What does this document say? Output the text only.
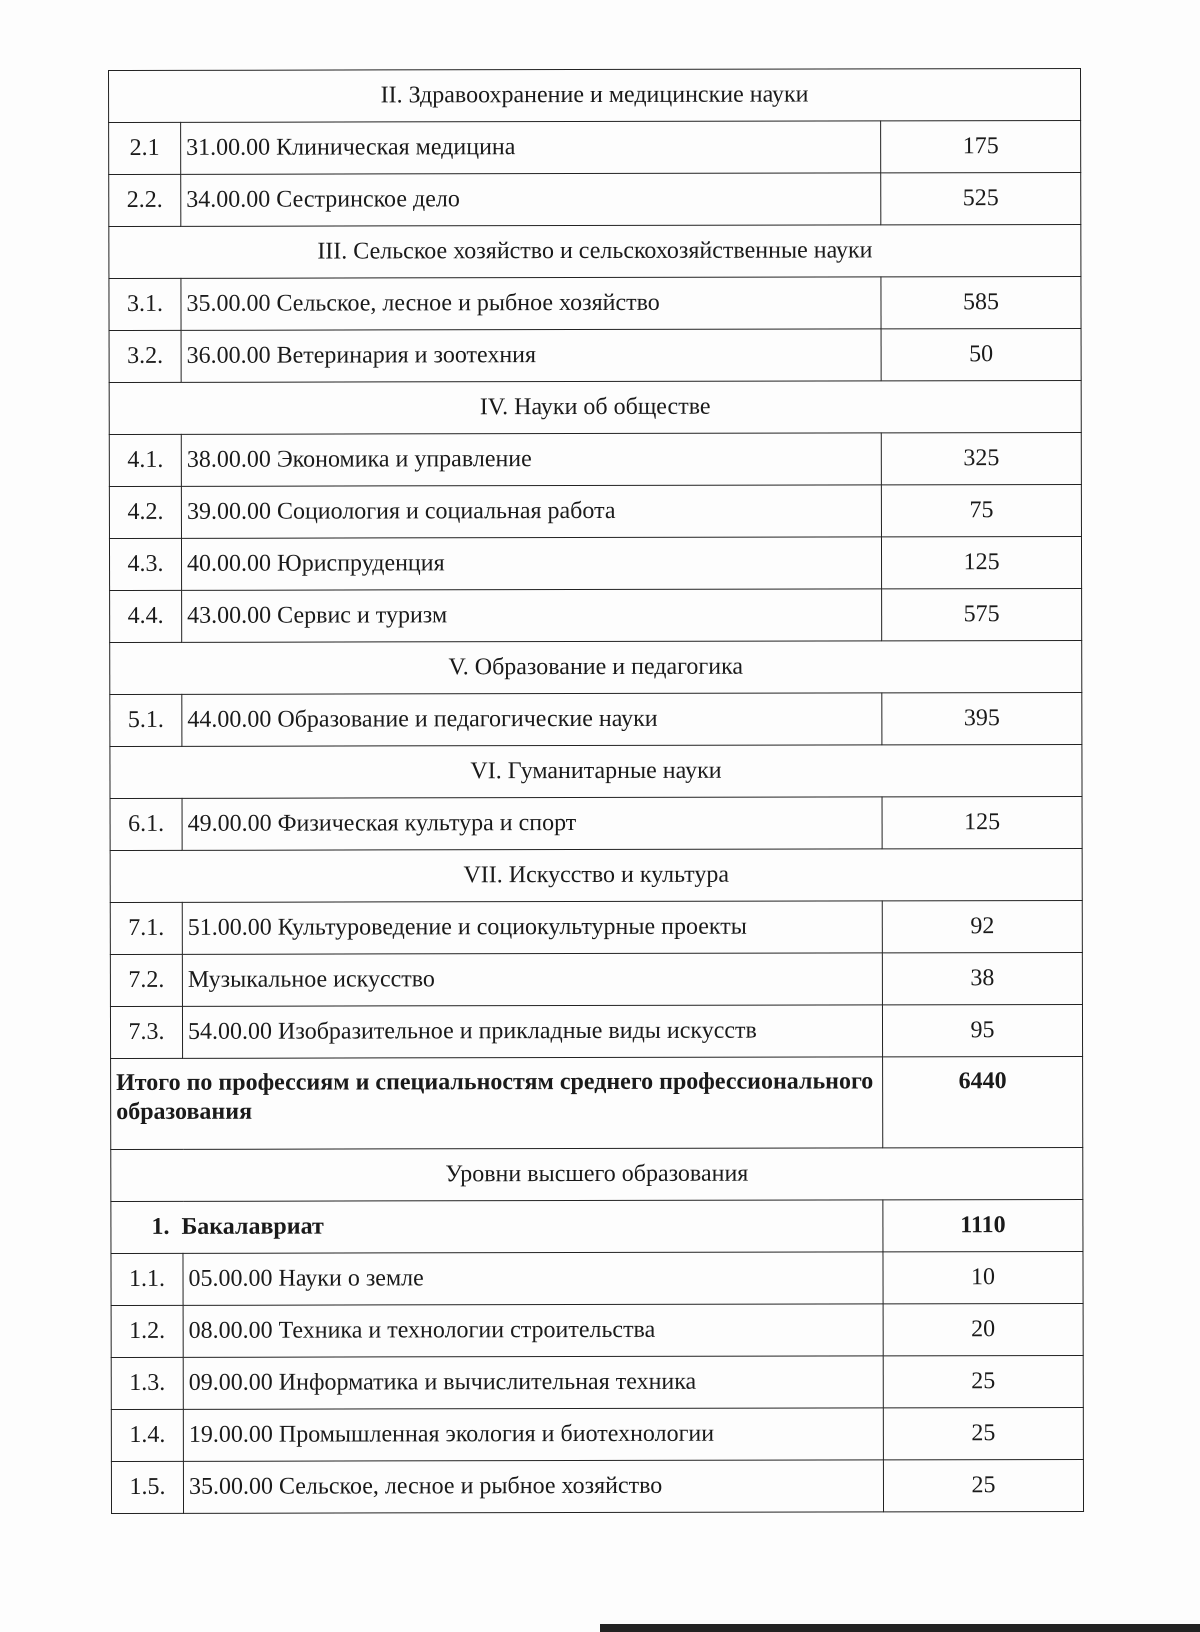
II. Здравоохранение и медицинские науки		
2.1	31.00.00 Клиническая медицина	175
2.2.	34.00.00 Сестринское дело	525
III. Сельское хозяйство и сельскохозяйственные науки		
3.1.	35.00.00 Сельское, лесное и рыбное хозяйство	585
3.2.	36.00.00 Ветеринария и зоотехния	50
IV. Науки об обществе		
4.1.	38.00.00 Экономика и управление	325
4.2.	39.00.00 Социология и социальная работа	75
4.3.	40.00.00 Юриспруденция	125
4.4.	43.00.00 Сервис и туризм	575
V. Образование и педагогика		
5.1.	44.00.00 Образование и педагогические науки	395
VI. Гуманитарные науки		
6.1.	49.00.00 Физическая культура и спорт	125
VII. Искусство и культура		
7.1.	51.00.00 Культуроведение и социокультурные проекты	92
7.2.	Музыкальное искусство	38
7.3.	54.00.00 Изобразительное и прикладные виды искусств	95
Итого по профессиям и специальностям среднего профессионального образования		6440
Уровни высшего образования		
1. Бакалавриат		1110
1.1.	05.00.00 Науки о земле	10
1.2.	08.00.00 Техника и технологии строительства	20
1.3.	09.00.00 Информатика и вычислительная техника	25
1.4.	19.00.00 Промышленная экология и биотехнологии	25
1.5.	35.00.00 Сельское, лесное и рыбное хозяйство	25
